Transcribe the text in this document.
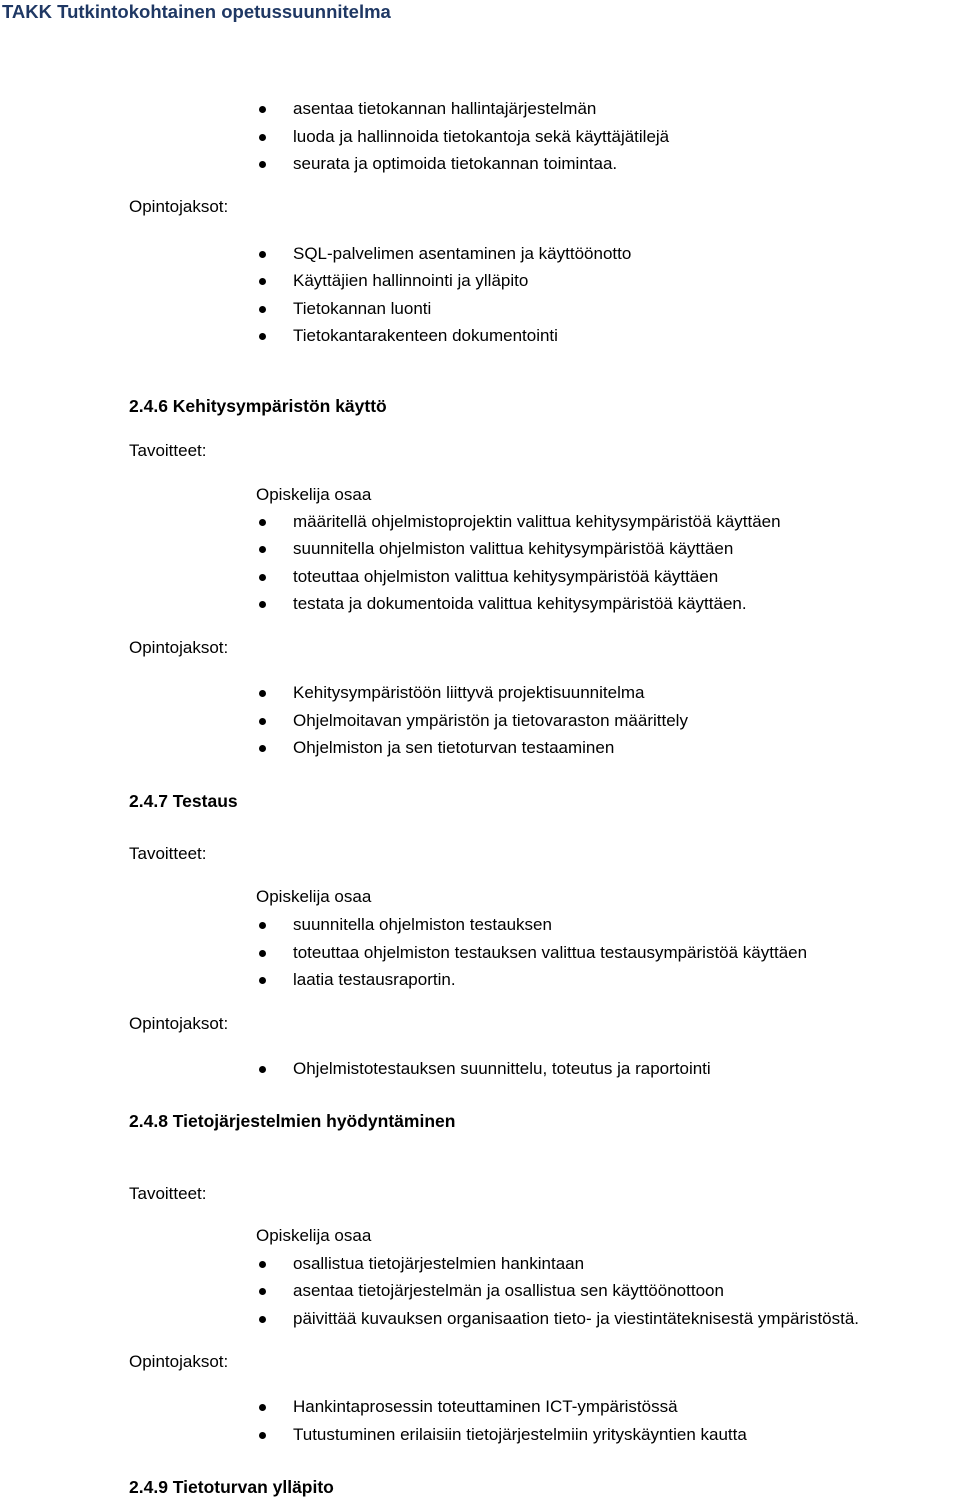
TAKK Tutkintokohtainen opetussuunnitelma
asentaa tietokannan hallintajärjestelmän
luoda ja hallinnoida tietokantoja sekä käyttäjätilejä
seurata ja optimoida tietokannan toimintaa.
Opintojaksot:
SQL-palvelimen asentaminen ja käyttöönotto
Käyttäjien hallinnointi ja ylläpito
Tietokannan luonti
Tietokantarakenteen dokumentointi
2.4.6 Kehitysympäristön käyttö
Tavoitteet:
Opiskelija osaa
määritellä ohjelmistoprojektin valittua kehitysympäristöä käyttäen
suunnitella ohjelmiston valittua kehitysympäristöä käyttäen
toteuttaa ohjelmiston valittua kehitysympäristöä käyttäen
testata ja dokumentoida valittua kehitysympäristöä käyttäen.
Opintojaksot:
Kehitysympäristöön liittyvä projektisuunnitelma
Ohjelmoitavan ympäristön ja tietovaraston määrittely
Ohjelmiston ja sen tietoturvan testaaminen
2.4.7 Testaus
Tavoitteet:
Opiskelija osaa
suunnitella ohjelmiston testauksen
toteuttaa ohjelmiston testauksen valittua testausympäristöä käyttäen
laatia testausraportin.
Opintojaksot:
Ohjelmistotestauksen suunnittelu, toteutus ja raportointi
2.4.8 Tietojärjestelmien hyödyntäminen
Tavoitteet:
Opiskelija osaa
osallistua tietojärjestelmien hankintaan
asentaa tietojärjestelmän ja osallistua sen käyttöönottoon
päivittää kuvauksen organisaation tieto- ja viestintäteknisestä ympäristöstä.
Opintojaksot:
Hankintaprosessin toteuttaminen ICT-ympäristössä
Tutustuminen erilaisiin tietojärjestelmiin yrityskäyntien kautta
2.4.9 Tietoturvan ylläpito
